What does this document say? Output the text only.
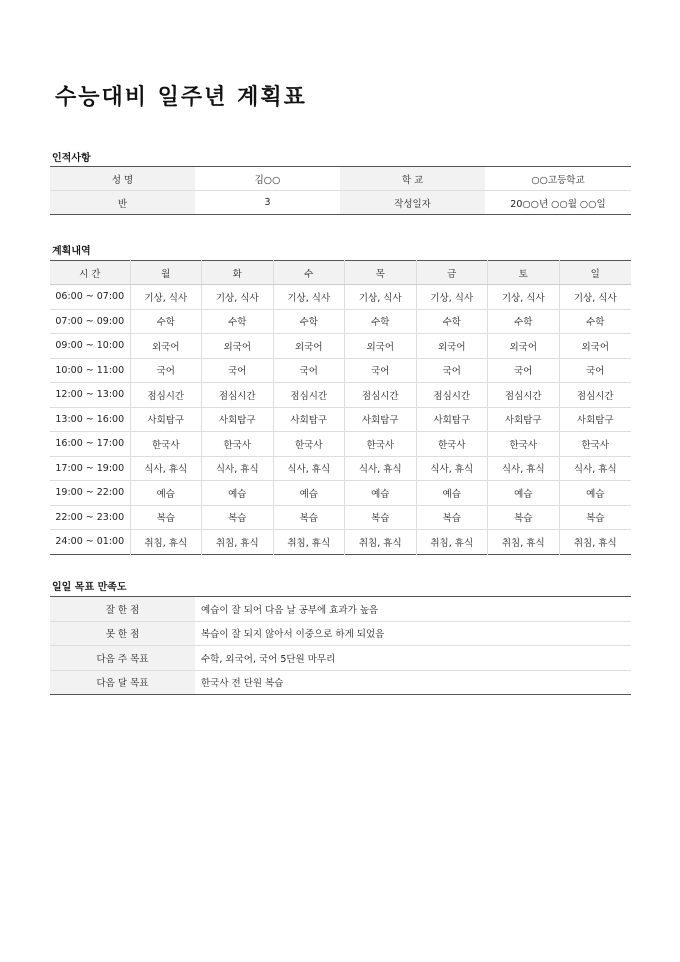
수능대비 일주년 계획표
인적사항
성 명	김○○	학 교	○○고등학교
반	3	작성일자	20○○년 ○○월 ○○일
계획내역
시 간	월	화	수	목	금	토	일
06:00 ~ 07:00	기상, 식사	기상, 식사	기상, 식사	기상, 식사	기상, 식사	기상, 식사	기상, 식사
07:00 ~ 09:00	수학	수학	수학	수학	수학	수학	수학
09:00 ~ 10:00	외국어	외국어	외국어	외국어	외국어	외국어	외국어
10:00 ~ 11:00	국어	국어	국어	국어	국어	국어	국어
12:00 ~ 13:00	점심시간	점심시간	점심시간	점심시간	점심시간	점심시간	점심시간
13:00 ~ 16:00	사회탐구	사회탐구	사회탐구	사회탐구	사회탐구	사회탐구	사회탐구
16:00 ~ 17:00	한국사	한국사	한국사	한국사	한국사	한국사	한국사
17:00 ~ 19:00	식사, 휴식	식사, 휴식	식사, 휴식	식사, 휴식	식사, 휴식	식사, 휴식	식사, 휴식
19:00 ~ 22:00	예습	예습	예습	예습	예습	예습	예습
22:00 ~ 23:00	복습	복습	복습	복습	복습	복습	복습
24:00 ~ 01:00	취침, 휴식	취침, 휴식	취침, 휴식	취침, 휴식	취침, 휴식	취침, 휴식	취침, 휴식
일일 목표 만족도
잘 한 점	예습이 잘 되어 다음 날 공부에 효과가 높음
못 한 점	복습이 잘 되지 않아서 이중으로 하게 되었음
다음 주 목표	수학, 외국어, 국어 5단원 마무리
다음 달 목표	한국사 전 단원 복습
